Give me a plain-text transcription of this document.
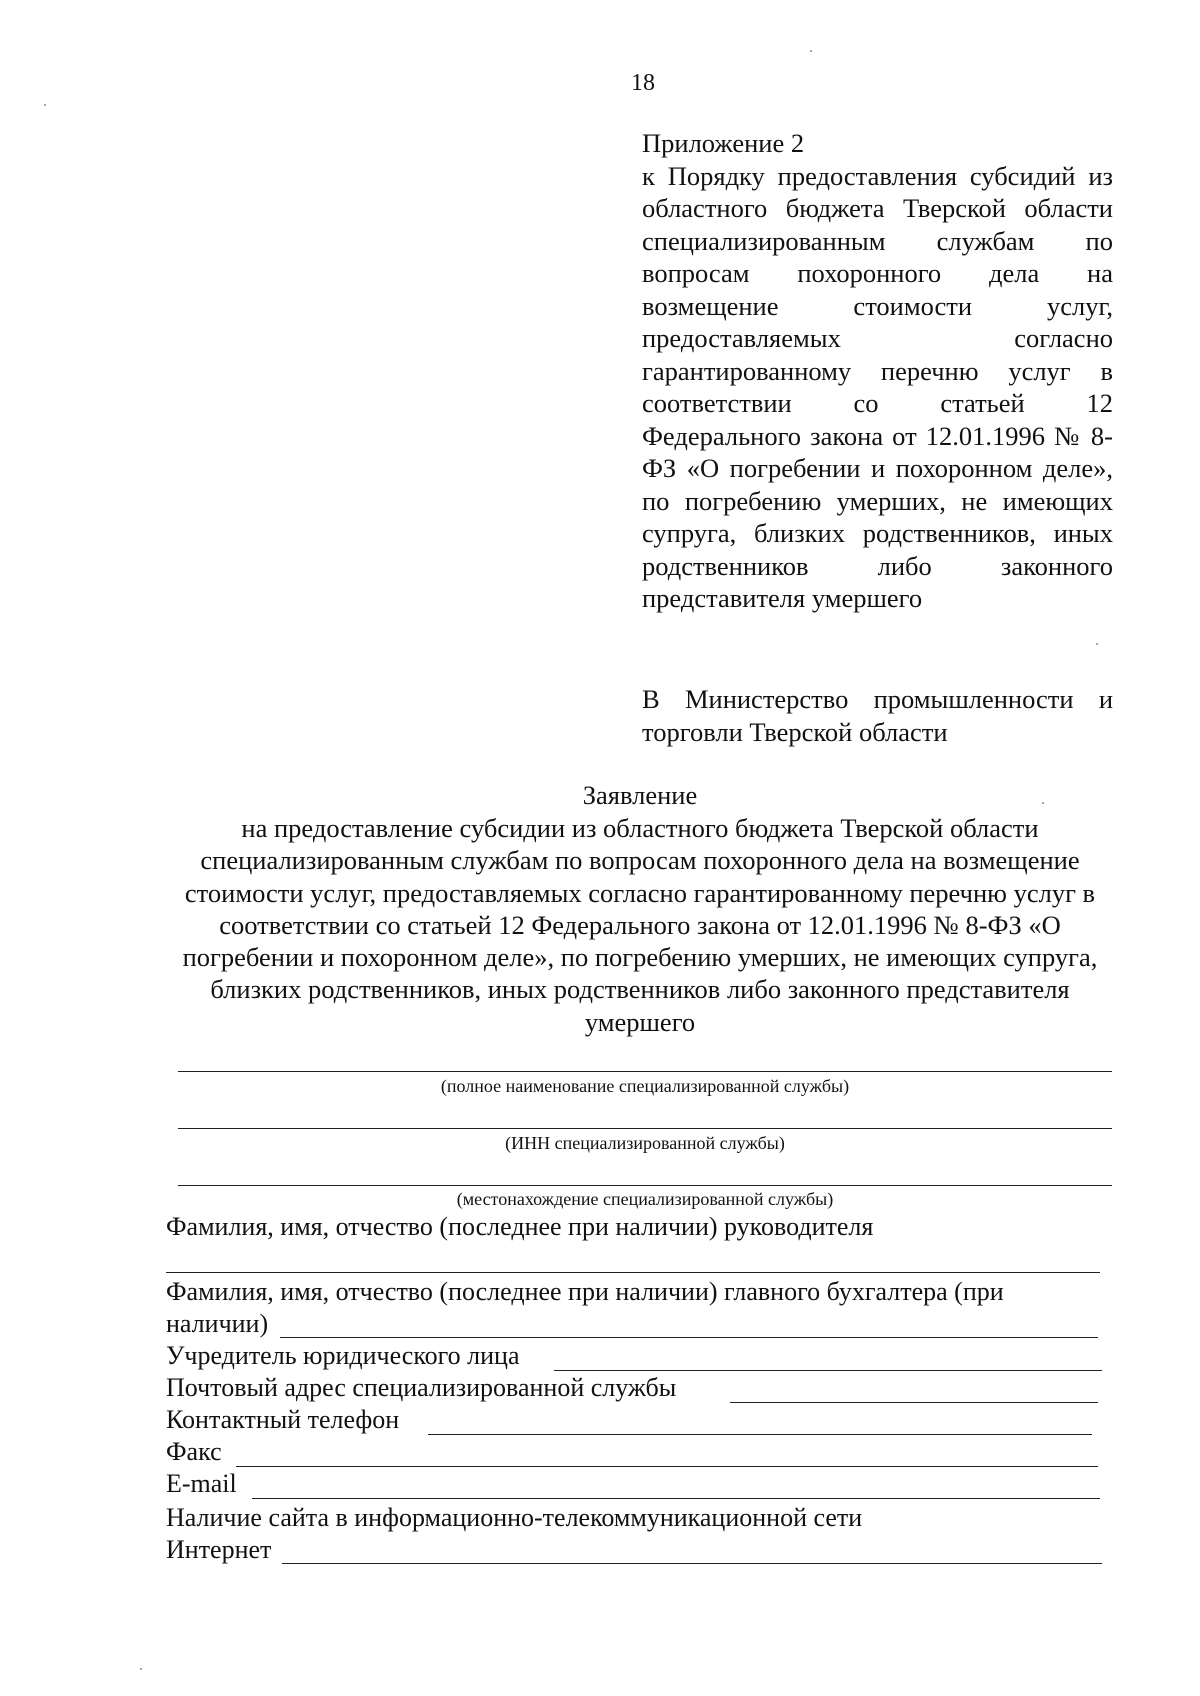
18
Приложение 2
к Порядку предоставления субсидий из областного бюджета Тверской области специализированным службам по вопросам похоронного дела на возмещение стоимости услуг, предоставляемых согласно гарантированному перечню услуг в соответствии со статьей 12 Федерального закона от 12.01.1996 № 8-ФЗ «О погребении и похоронном деле», по погребению умерших, не имеющих супруга, близких родственников, иных родственников либо законного представителя умершего
В Министерство промышленности и торговли Тверской области
Заявление
на предоставление субсидии из областного бюджета Тверской области специализированным службам по вопросам похоронного дела на возмещение стоимости услуг, предоставляемых согласно гарантированному перечню услуг в соответствии со статьей 12 Федерального закона от 12.01.1996 № 8-ФЗ «О погребении и похоронном деле», по погребению умерших, не имеющих супруга, близких родственников, иных родственников либо законного представителя умершего
(полное наименование специализированной службы)
(ИНН специализированной службы)
(местонахождение специализированной службы)
Фамилия, имя, отчество (последнее при наличии) руководителя
Фамилия, имя, отчество (последнее при наличии) главного бухгалтера (при
наличии)
Учредитель юридического лица
Почтовый адрес специализированной службы
Контактный телефон
Факс
E-mail
Наличие сайта в информационно-телекоммуникационной сети
Интернет
